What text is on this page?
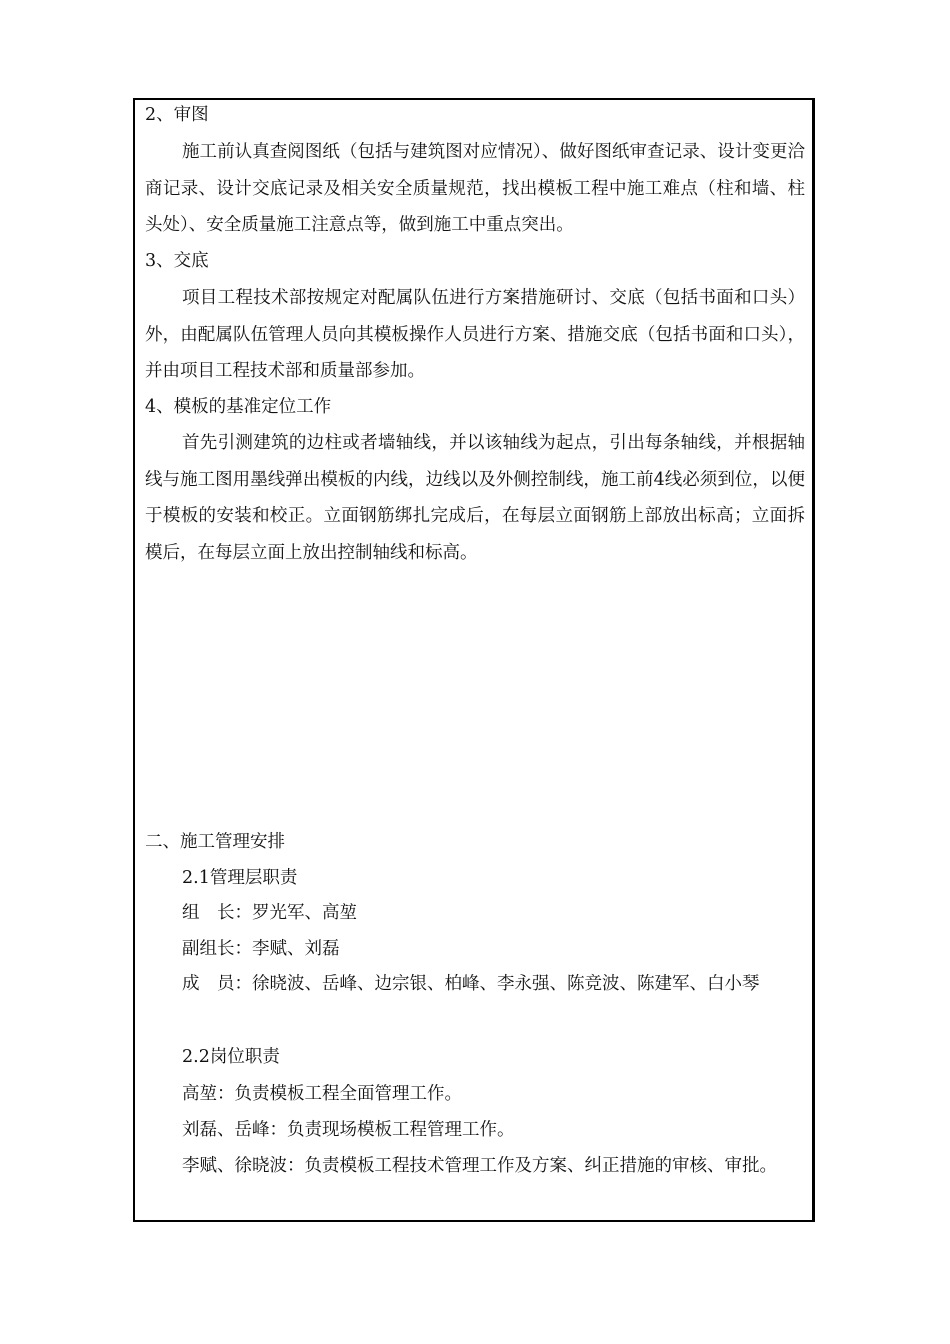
2、审图

施工前认真查阅图纸（包括与建筑图对应情况）、做好图纸审查记录、设计变更洽商记录、设计交底记录及相关安全质量规范，找出模板工程中施工难点（柱和墙、柱头处）、安全质量施工注意点等，做到施工中重点突出。

3、交底

项目工程技术部按规定对配属队伍进行方案措施研讨、交底（包括书面和口头）外，由配属队伍管理人员向其模板操作人员进行方案、措施交底（包括书面和口头），并由项目工程技术部和质量部参加。

4、模板的基准定位工作

首先引测建筑的边柱或者墙轴线，并以该轴线为起点，引出每条轴线，并根据轴线与施工图用墨线弹出模板的内线，边线以及外侧控制线，施工前4线必须到位，以便于模板的安装和校正。立面钢筋绑扎完成后，在每层立面钢筋上部放出标高；立面拆模后，在每层立面上放出控制轴线和标高。

二、施工管理安排

2.1管理层职责

组　长：罗光军、高堃

副组长：李赋、刘磊

成　员：徐晓波、岳峰、边宗银、柏峰、李永强、陈竞波、陈建军、白小琴

2.2岗位职责

高堃：负责模板工程全面管理工作。

刘磊、岳峰：负责现场模板工程管理工作。

李赋、徐晓波：负责模板工程技术管理工作及方案、纠正措施的审核、审批。
